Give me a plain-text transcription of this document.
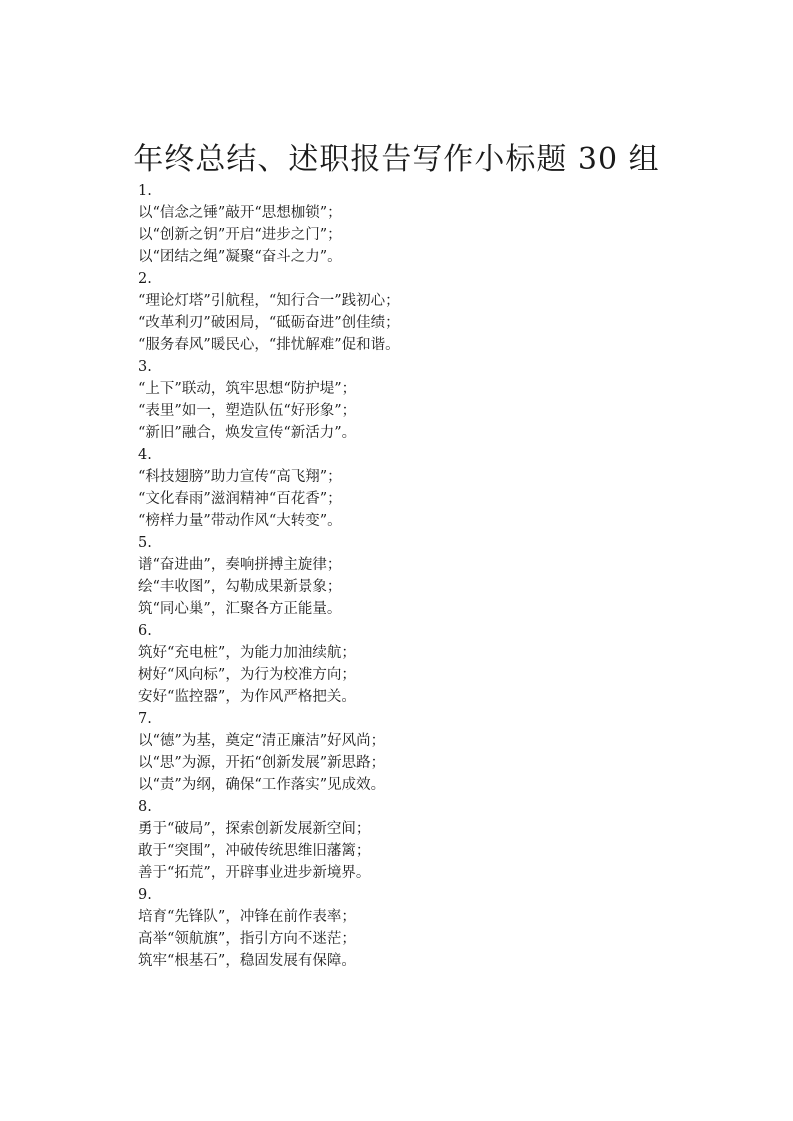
年终总结、述职报告写作小标题 30 组
1.
以“信念之锤”敲开“思想枷锁”；
以“创新之钥”开启“进步之门”；
以“团结之绳”凝聚“奋斗之力”。
2.
“理论灯塔”引航程，“知行合一”践初心；
“改革利刃”破困局，“砥砺奋进”创佳绩；
“服务春风”暖民心，“排忧解难”促和谐。
3.
“上下”联动，筑牢思想“防护堤”；
“表里”如一，塑造队伍“好形象”；
“新旧”融合，焕发宣传“新活力”。
4.
“科技翅膀”助力宣传“高飞翔”；
“文化春雨”滋润精神“百花香”；
“榜样力量”带动作风“大转变”。
5.
谱“奋进曲”，奏响拼搏主旋律；
绘“丰收图”，勾勒成果新景象；
筑“同心巢”，汇聚各方正能量。
6.
筑好“充电桩”，为能力加油续航；
树好“风向标”，为行为校准方向；
安好“监控器”，为作风严格把关。
7.
以“德”为基，奠定“清正廉洁”好风尚；
以“思”为源，开拓“创新发展”新思路；
以“责”为纲，确保“工作落实”见成效。
8.
勇于“破局”，探索创新发展新空间；
敢于“突围”，冲破传统思维旧藩篱；
善于“拓荒”，开辟事业进步新境界。
9.
培育“先锋队”，冲锋在前作表率；
高举“领航旗”，指引方向不迷茫；
筑牢“根基石”，稳固发展有保障。
